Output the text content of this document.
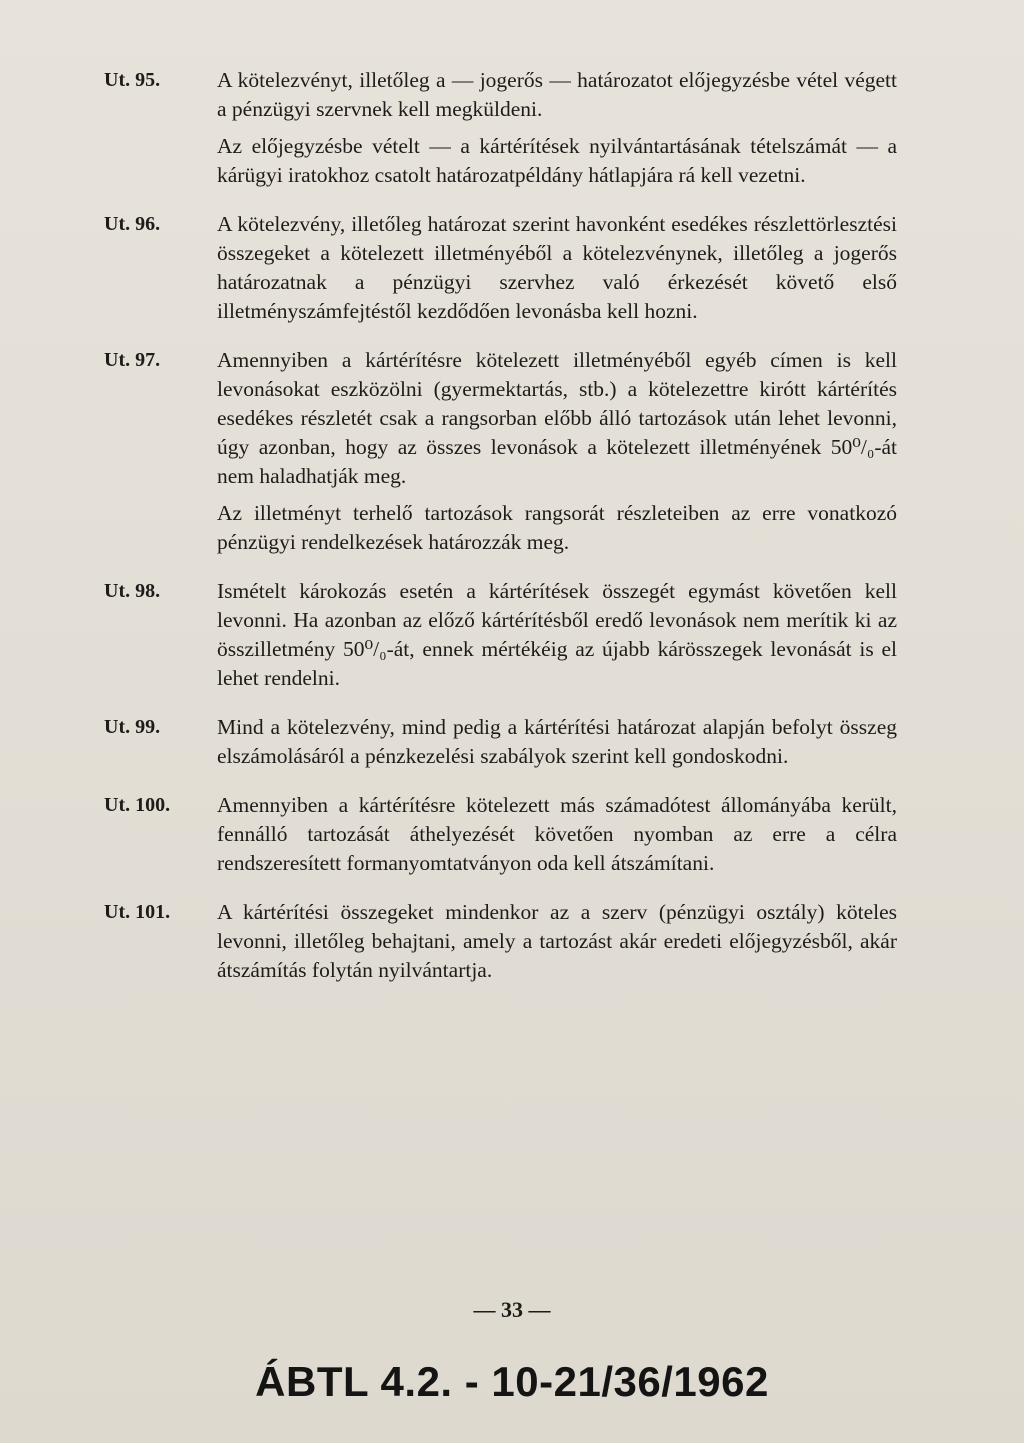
Ut. 95.	A kötelezvényt, illetőleg a — jogerős — határozatot előjegyzésbe vétel végett a pénzügyi szervnek kell megküldeni.

Az előjegyzésbe vételt — a kártérítések nyilvántartásának tételszámát — a kárügyi iratokhoz csatolt határozatpéldány hátlapjára rá kell vezetni.

Ut. 96.	A kötelezvény, illetőleg határozat szerint havonként esedékes részlettörlesztési összegeket a kötelezett illetményéből a kötelezvénynek, illetőleg a jogerős határozatnak a pénzügyi szervhez való érkezését követő első illetményszámfejtéstől kezdődően levonásba kell hozni.

Ut. 97.	Amennyiben a kártérítésre kötelezett illetményéből egyéb címen is kell levonásokat eszközölni (gyermektartás, stb.) a kötelezettre kirótt kártérítés esedékes részletét csak a rangsorban előbb álló tartozások után lehet levonni, úgy azonban, hogy az összes levonások a kötelezett illetményének 50⁰/₀-át nem haladhatják meg.

Az illetményt terhelő tartozások rangsorát részleteiben az erre vonatkozó pénzügyi rendelkezések határozzák meg.

Ut. 98.	Ismételt károkozás esetén a kártérítések összegét egymást követően kell levonni. Ha azonban az előző kártérítésből eredő levonások nem merítik ki az összilletmény 50⁰/₀-át, ennek mértékéig az újabb kárösszegek levonását is el lehet rendelni.

Ut. 99.	Mind a kötelezvény, mind pedig a kártérítési határozat alapján befolyt összeg elszámolásáról a pénzkezelési szabályok szerint kell gondoskodni.

Ut. 100.	Amennyiben a kártérítésre kötelezett más számadótest állományába került, fennálló tartozását áthelyezését követően nyomban az erre a célra rendszeresített formanyomtatványon oda kell átszámítani.

Ut. 101.	A kártérítési összegeket mindenkor az a szerv (pénzügyi osztály) köteles levonni, illetőleg behajtani, amely a tartozást akár eredeti előjegyzésből, akár átszámítás folytán nyilvántartja.

— 33 —
ÁBTL 4.2. - 10-21/36/1962
